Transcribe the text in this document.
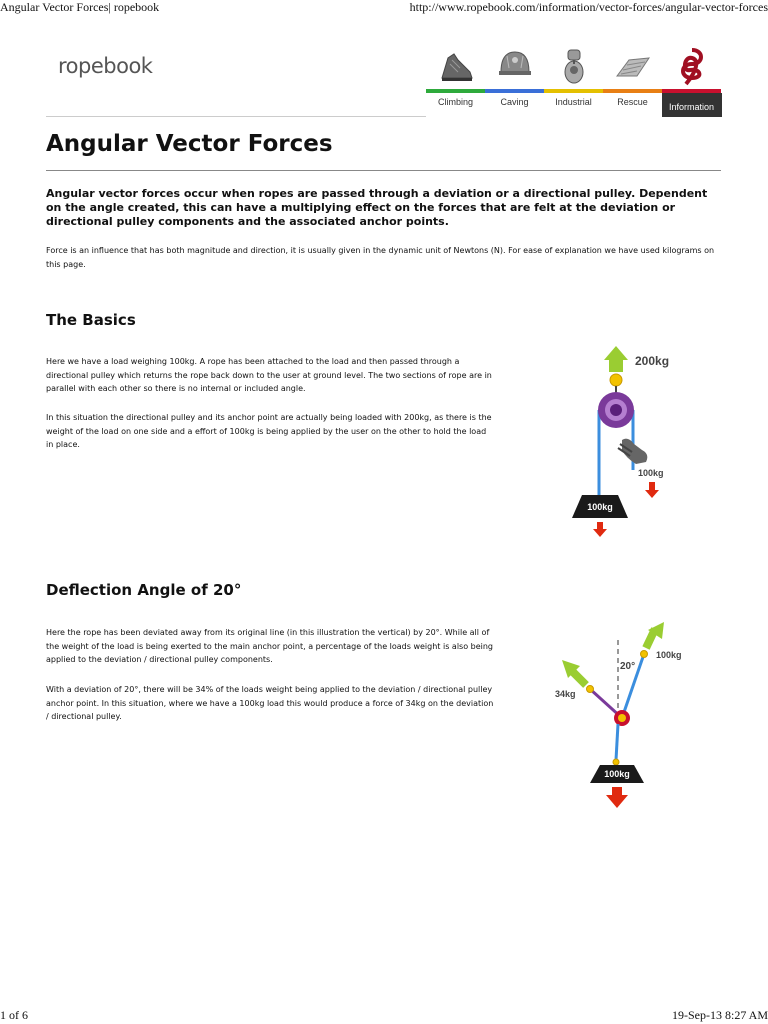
Angular Vector Forces| ropebook	http://www.ropebook.com/information/vector-forces/angular-vector-forces
ropebook
Climbing	Caving	Industrial	Rescue	Information
Angular Vector Forces

Angular vector forces occur when ropes are passed through a deviation or a directional pulley. Dependent on the angle created, this can have a multiplying effect on the forces that are felt at the deviation or directional pulley components and the associated anchor points.

Force is an influence that has both magnitude and direction, it is usually given in the dynamic unit of Newtons (N). For ease of explanation we have used kilograms on this page.

The Basics

Here we have a load weighing 100kg. A rope has been attached to the load and then passed through a directional pulley which returns the rope back down to the user at ground level. The two sections of rope are in parallel with each other so there is no internal or included angle.

In this situation the directional pulley and its anchor point are actually being loaded with 200kg, as there is the weight of the load on one side and a effort of 100kg is being applied by the user on the other to hold the load in place.

200kg
100kg
100kg
Deflection Angle of 20°

Here the rope has been deviated away from its original line (in this illustration the vertical) by 20°. While all of the weight of the load is being exerted to the main anchor point, a percentage of the loads weight is also being applied to the deviation / directional pulley components.

With a deviation of 20°, there will be 34% of the loads weight being applied to the deviation / directional pulley anchor point. In this situation, where we have a 100kg load this would produce a force of 34kg on the deviation / directional pulley.

20°
100kg
34kg
100kg
1 of 6	19-Sep-13 8:27 AM
